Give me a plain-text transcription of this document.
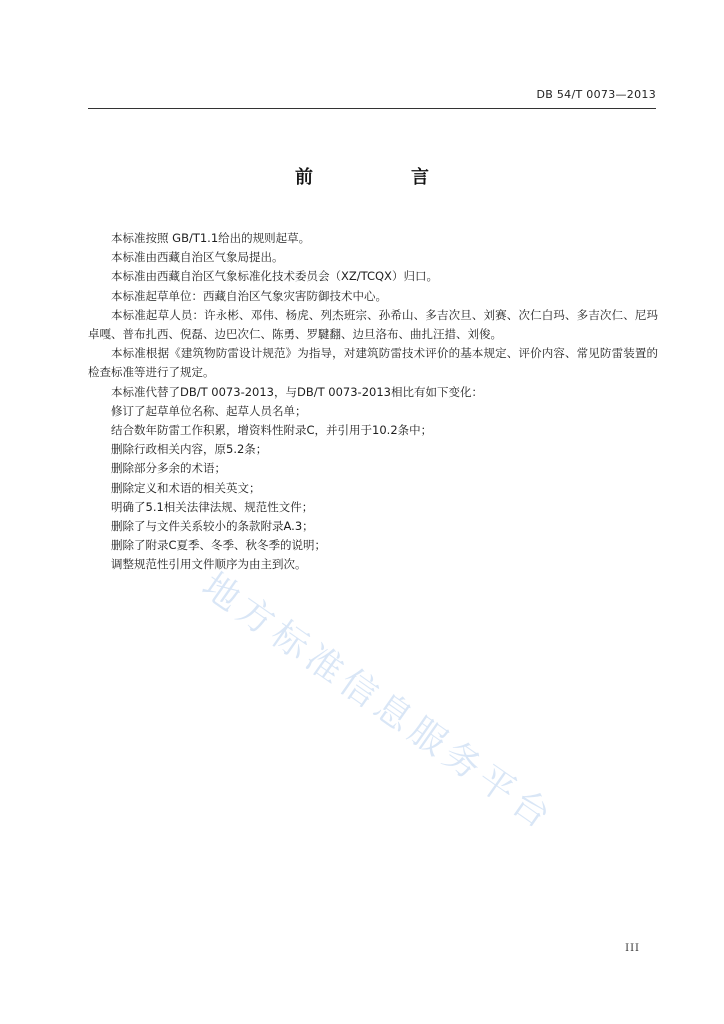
DB 54/T 0073—2013
前　言

本标准按照 GB/T1.1给出的规则起草。

本标准由西藏自治区气象局提出。

本标准由西藏自治区气象标准化技术委员会（XZ/TCQX）归口。

本标准起草单位：西藏自治区气象灾害防御技术中心。

本标准起草人员：许永彬、邓伟、杨虎、列杰班宗、孙希山、多吉次旦、刘赛、次仁白玛、多吉次仁、尼玛卓嘎、普布扎西、倪磊、边巴次仁、陈勇、罗騝翻、边旦洛布、曲扎汪措、刘俊。

本标准根据《建筑物防雷设计规范》为指导，对建筑防雷技术评价的基本规定、评价内容、常见防雷装置的检查标准等进行了规定。

本标准代替了DB/T 0073-2013，与DB/T 0073-2013相比有如下变化：

修订了起草单位名称、起草人员名单；

结合数年防雷工作积累，增资料性附录C，并引用于10.2条中；

删除行政相关内容，原5.2条；

删除部分多余的术语；

删除定义和术语的相关英文；

明确了5.1相关法律法规、规范性文件；

删除了与文件关系较小的条款附录A.3；

删除了附录C夏季、冬季、秋冬季的说明；

调整规范性引用文件顺序为由主到次。

地方标准信息服务平台
III
